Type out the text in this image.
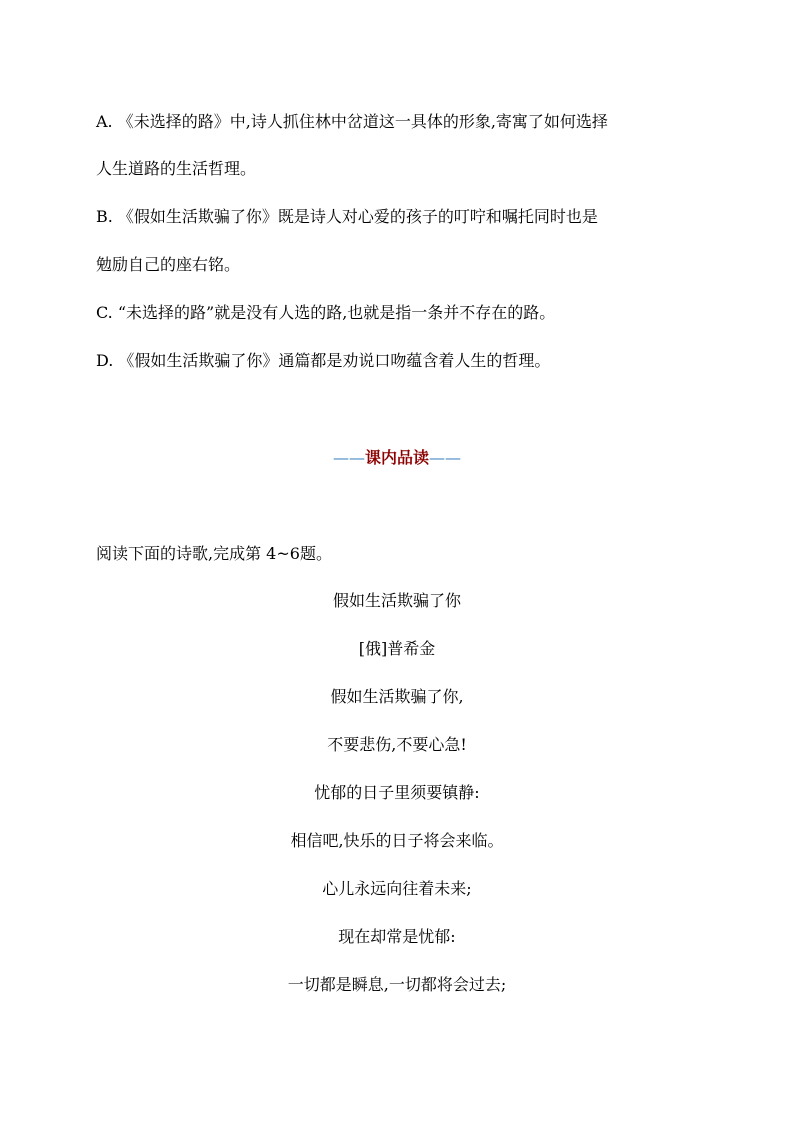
A. 《未选择的路》中,诗人抓住林中岔道这一具体的形象,寄寓了如何选择
人生道路的生活哲理。
B. 《假如生活欺骗了你》既是诗人对心爱的孩子的叮咛和嘱托同时也是
勉励自己的座右铭。
C. “未选择的路”就是没有人选的路,也就是指一条并不存在的路。
D. 《假如生活欺骗了你》通篇都是劝说口吻蕴含着人生的哲理。
——课内品读——
阅读下面的诗歌,完成第 4~6题。
假如生活欺骗了你
[俄]普希金
假如生活欺骗了你,
不要悲伤,不要心急!
忧郁的日子里须要镇静:
相信吧,快乐的日子将会来临。
心儿永远向往着未来;
现在却常是忧郁:
一切都是瞬息,一切都将会过去;
